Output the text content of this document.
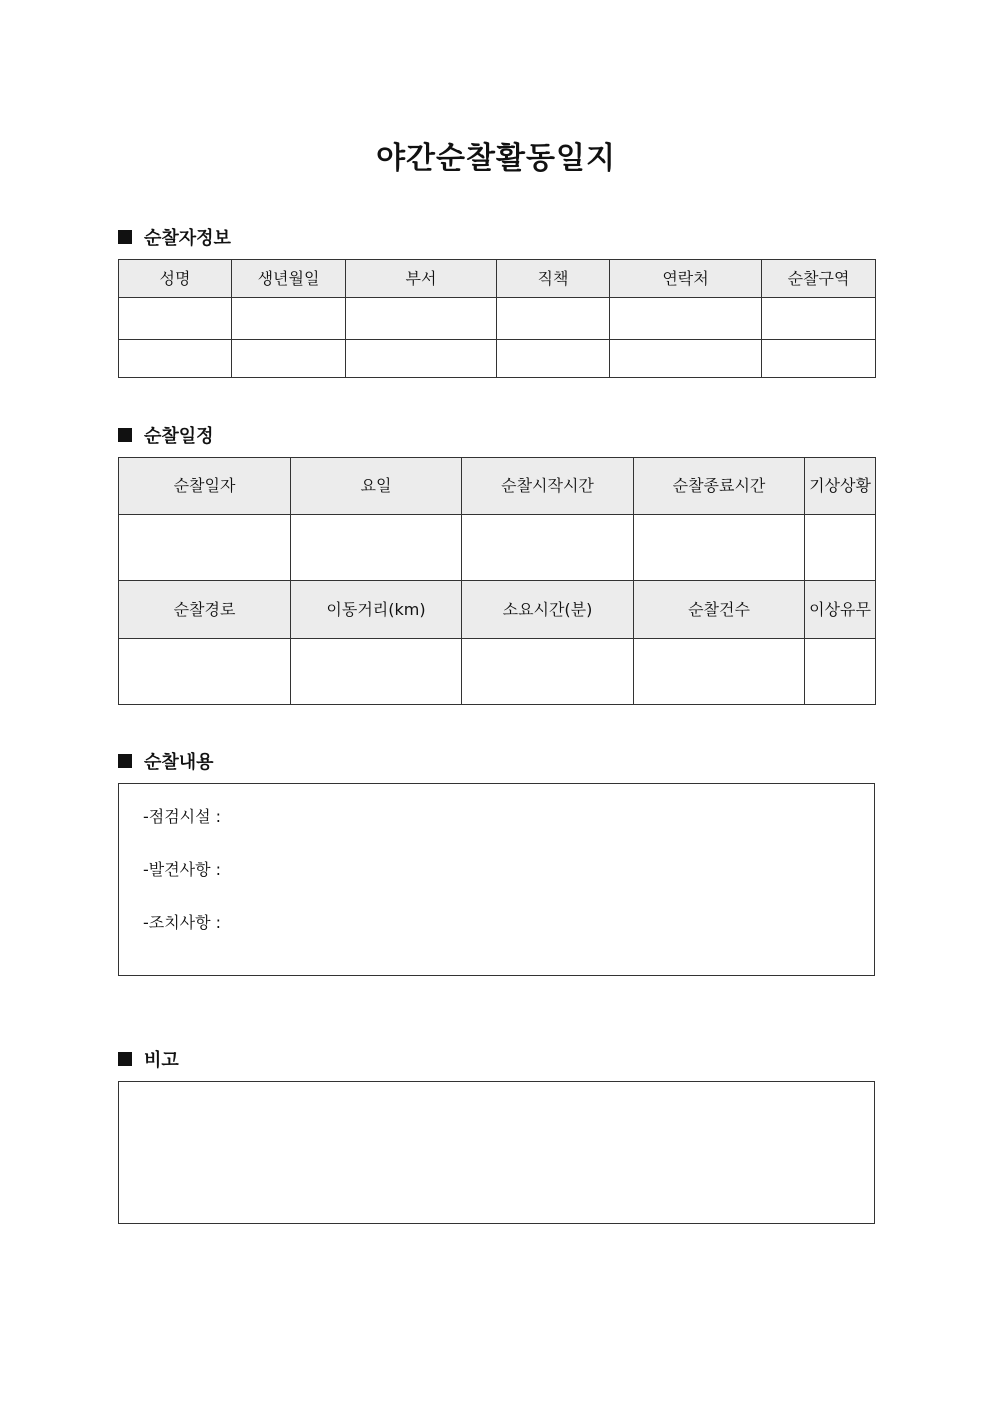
야간순찰활동일지
순찰자정보
성명	생년월일	부서	직책	연락처	순찰구역

순찰일정
순찰일자	요일	순찰시작시간	순찰종료시간	기상상황

순찰경로	이동거리(km)	소요시간(분)	순찰건수	이상유무

순찰내용
-점검시설 :
-발견사항 :
-조치사항 :
비고
